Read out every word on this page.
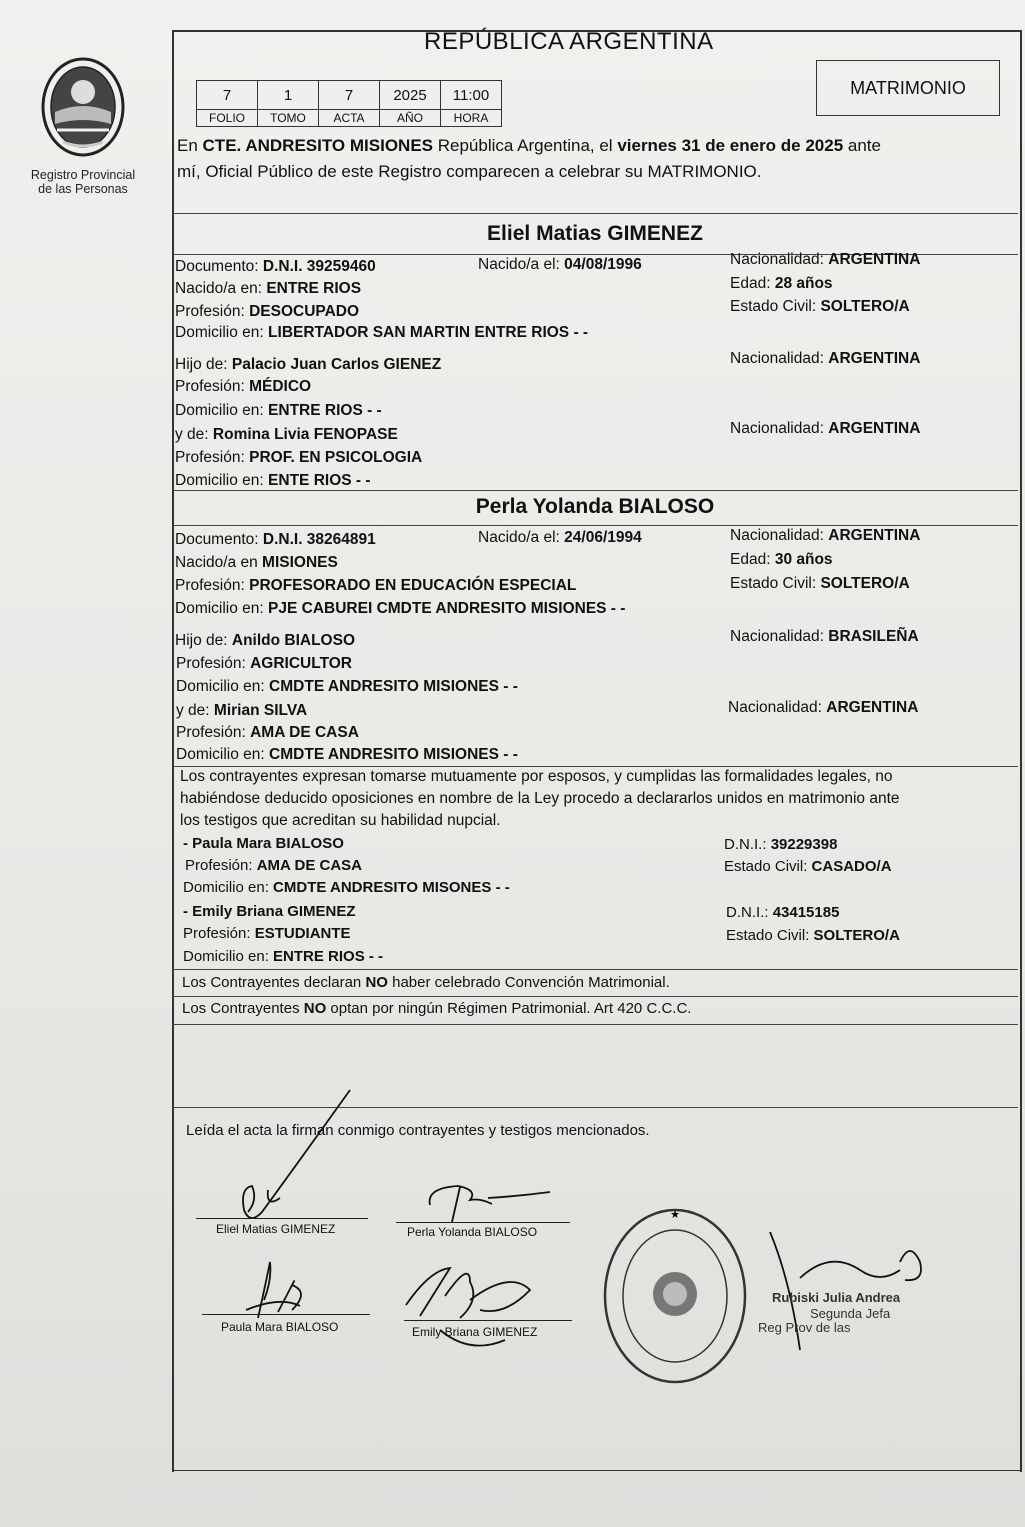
Registro Provincial
de las Personas
REPÚBLICA ARGENTINA
7	1	7	2025	11:00
FOLIO	TOMO	ACTA	AÑO	HORA
MATRIMONIO
En CTE. ANDRESITO MISIONES República Argentina, el viernes 31 de enero de 2025 ante
mí, Oficial Público de este Registro comparecen a celebrar su MATRIMONIO.
Eliel Matias GIMENEZ
Documento: D.N.I. 39259460	Nacido/a el: 04/08/1996	Nacionalidad: ARGENTINA
Nacido/a en: ENTRE RIOS	Edad: 28 años
Profesión: DESOCUPADO	Estado Civil: SOLTERO/A
Domicilio en: LIBERTADOR SAN MARTIN ENTRE RIOS - -
Hijo de: Palacio Juan Carlos GIENEZ	Nacionalidad: ARGENTINA
Profesión: MÉDICO
Domicilio en: ENTRE RIOS - -
y de: Romina Livia FENOPASE	Nacionalidad: ARGENTINA
Profesión: PROF. EN PSICOLOGIA
Domicilio en: ENTE RIOS - -
Perla Yolanda BIALOSO
Documento: D.N.I. 38264891	Nacido/a el: 24/06/1994	Nacionalidad: ARGENTINA
Nacido/a en MISIONES	Edad: 30 años
Profesión: PROFESORADO EN EDUCACIÓN ESPECIAL	Estado Civil: SOLTERO/A
Domicilio en: PJE CABUREI CMDTE ANDRESITO MISIONES - -
Hijo de: Anildo BIALOSO	Nacionalidad: BRASILEÑA
Profesión: AGRICULTOR
Domicilio en: CMDTE ANDRESITO MISIONES - -
y de: Mirian SILVA	Nacionalidad: ARGENTINA
Profesión: AMA DE CASA
Domicilio en: CMDTE ANDRESITO MISIONES - -
Los contrayentes expresan tomarse mutuamente por esposos, y cumplidas las formalidades legales, no
habiéndose deducido oposiciones en nombre de la Ley procedo a declararlos unidos en matrimonio ante
los testigos que acreditan su habilidad nupcial.
- Paula Mara BIALOSO	D.N.I.: 39229398
Profesión: AMA DE CASA	Estado Civil: CASADO/A
Domicilio en: CMDTE ANDRESITO MISONES - -
- Emily Briana GIMENEZ	D.N.I.: 43415185
Profesión: ESTUDIANTE	Estado Civil: SOLTERO/A
Domicilio en: ENTRE RIOS - -
Los Contrayentes declaran NO haber celebrado Convención Matrimonial.
Los Contrayentes NO optan por ningún Régimen Patrimonial. Art 420 C.C.C.
Leída el acta la firman conmigo contrayentes y testigos mencionados.
Eliel Matias GIMENEZ	Perla Yolanda BIALOSO
Paula Mara BIALOSO	Emily Briana GIMENEZ
★
Rubiski Julia Andrea
Segunda Jefa
Reg Prov de las
